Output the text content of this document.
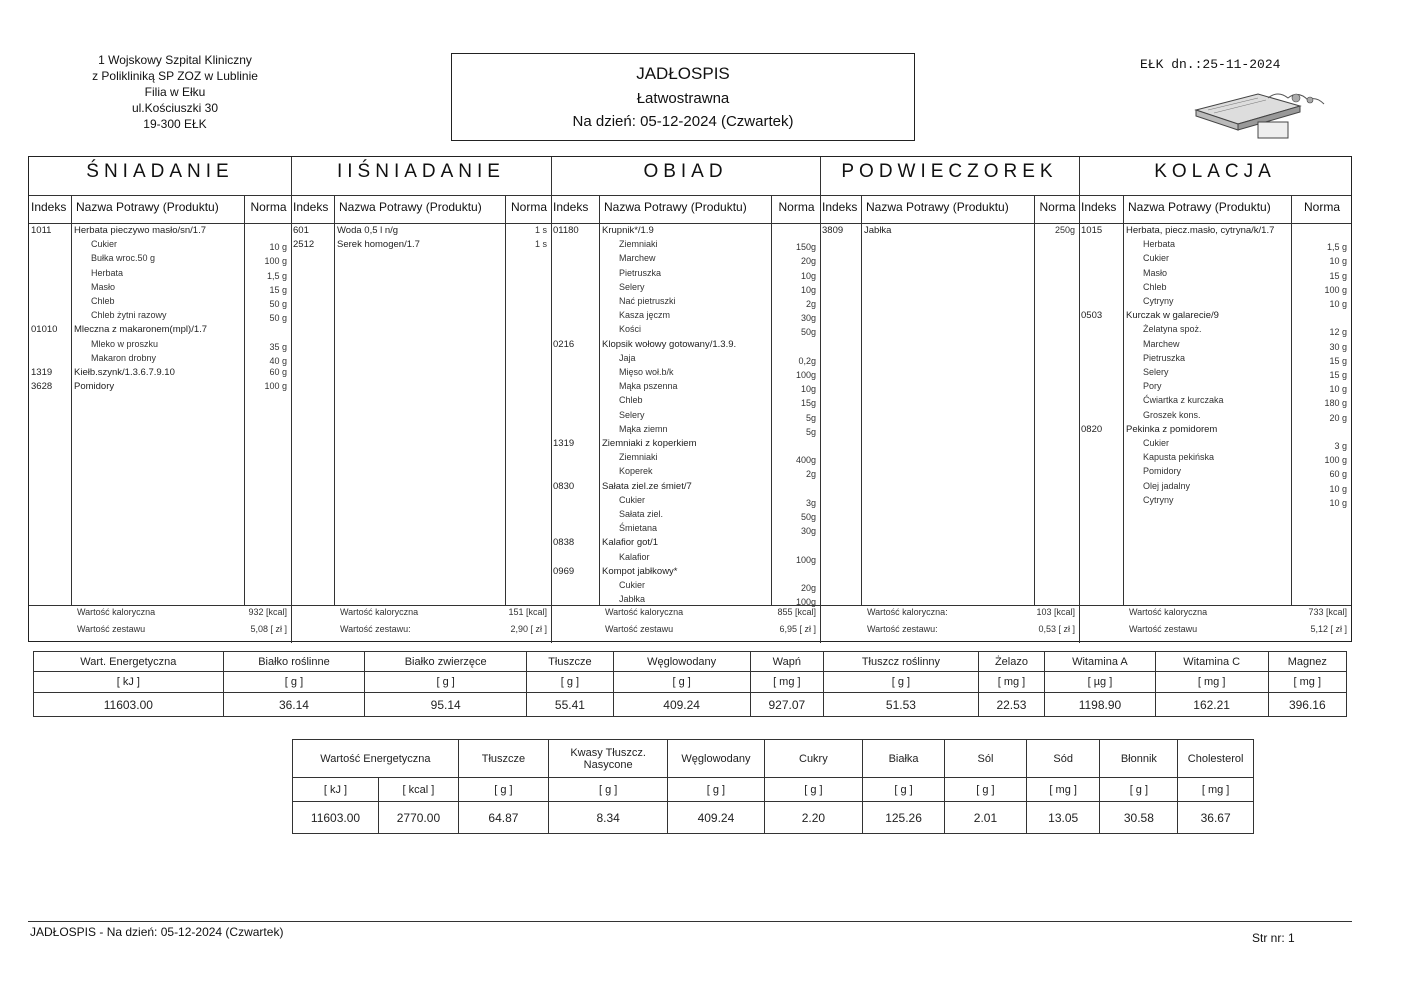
1 Wojskowy Szpital Kliniczny
z Polikliniką SP ZOZ w Lublinie
Filia w Ełku
ul.Kościuszki 30
19-300 EŁK
JADŁOSPIS
Łatwostrawna
Na dzień: 05-12-2024 (Czwartek)
EŁK dn.:25-11-2024
ŚNIADANIE	IIŚNIADANIE	OBIAD	PODWIECZOREK	KOLACJA
Indeks Nazwa Potrawy (Produktu)	Norma
1011 Herbata pieczywo masło/sn/1.7
Cukier	10 g
Bułka wroc.50 g	100 g
Herbata	1,5 g
Masło	15 g
Chleb	50 g
Chleb żytni razowy	50 g
01010 Mleczna z makaronem(mpl)/1.7
Mleko w proszku	35 g
Makaron drobny	40 g
1319 Kiełb.szynk/1.3.6.7.9.10	60 g
3628 Pomidory	100 g
Wartość kaloryczna	932 [kcal]
Wartość zestawu	5,08 [ zł ]
Indeks Nazwa Potrawy (Produktu) Norma
601	Woda 0,5 l n/g	1 s
2512 Serek homogen/1.7	1 s
Wartość kaloryczna	151 [kcal]
Wartość zestawu:	2,90 [ zł ]
Indeks Nazwa Potrawy (Produktu)	Norma
01180 Krupnik*/1.9
Ziemniaki	150g
Marchew	20g
Pietruszka	10g
Selery	10g
Nać pietruszki	2g
Kasza jęczm	30g
Kości	50g
0216	Klopsik wołowy gotowany/1.3.9.
Jaja	0,2g
Mięso woł.b/k	100g
Mąka pszenna	10g
Chleb	15g
Selery	5g
Mąka ziemn	5g
1319	Ziemniaki z koperkiem
Ziemniaki	400g
Koperek	2g
0830	Sałata ziel.ze śmiet/7
Cukier	3g
Sałata ziel.	50g
Śmietana	30g
0838	Kalafior got/1
Kalafior	100g
0969	Kompot jabłkowy*
Cukier	20g
Jabłka	100g
Wartość kaloryczna	855 [kcal]
Wartość zestawu	6,95 [ zł ]
Indeks Nazwa Potrawy (Produktu)	Norma
3809 Jabłka	250g
Wartość kaloryczna:	103 [kcal]
Wartość zestawu:	0,53 [ zł ]
Indeks Nazwa Potrawy (Produktu)	Norma
1015	Herbata, piecz.masło, cytryna/k/1.7
Herbata	1,5 g
Cukier	10 g
Masło	15 g
Chleb	100 g
Cytryny	10 g
0503	Kurczak w galarecie/9
Żelatyna spoż.	12 g
Marchew	30 g
Pietruszka	15 g
Selery	15 g
Pory	10 g
Ćwiartka z kurczaka	180 g
Groszek kons.	20 g
0820	Pekinka z pomidorem
Cukier	3 g
Kapusta pekińska	100 g
Pomidory	60 g
Olej jadalny	10 g
Cytryny	10 g
Wartość kaloryczna	733 [kcal]
Wartość zestawu	5,12 [ zł ]
Wart. Energetyczna	Białko roślinne	Białko zwierzęce	Tłuszcze	Węglowodany	Wapń	Tłuszcz roślinny	Żelazo	Witamina A	Witamina C	Magnez
[ kJ ]	[ g ]	[ g ]	[ g ]	[ g ]	[ mg ]	[ g ]	[ mg ]	[ µg ]	[ mg ]	[ mg ]
11603.00	36.14	95.14	55.41	409.24	927.07	51.53	22.53	1198.90	162.21	396.16
Wartość Energetyczna		Tłuszcze	Kwasy Tłuszcz. Nasycone	Węglowodany	Cukry	Białka	Sól	Sód	Błonnik	Cholesterol
[ kJ ]	[ kcal ]	[ g ]	[ g ]	[ g ]	[ g ]	[ g ]	[ g ]	[ mg ]	[ g ]	[ mg ]
11603.00	2770.00	64.87	8.34	409.24	2.20	125.26	2.01	13.05	30.58	36.67
JADŁOSPIS - Na dzień: 05-12-2024 (Czwartek)	Str nr: 1
